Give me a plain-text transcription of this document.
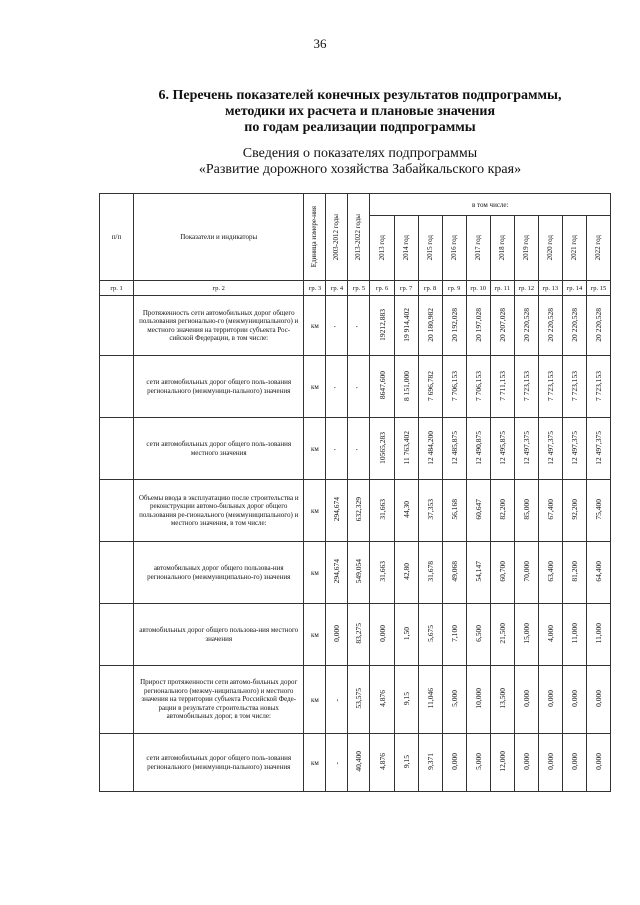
36
6. Перечень показателей конечных результатов подпрограммы,
методики их расчета и плановые значения
по годам реализации подпрограммы
Сведения о показателях подпрограммы
«Развитие дорожного хозяйства Забайкальского края»
п/п	Показатели и индикаторы	Единица измере-ния	2003-2012 годы	2013-2022 годы	в том числе:									

					2013 год	2014 год	2015 год	2016 год	2017 год	2018 год	2019 год	2020 год	2021 год	2022 год

гр. 1	гр. 2	гр. 3	гр. 4	гр. 5	гр. 6	гр. 7	гр. 8	гр. 9	гр. 10	гр. 11	гр. 12	гр. 13	гр. 14	гр. 15
	Протяженность сети автомобильных дорог общего пользования регионально-го (межмуниципального) и местного значения на территории субъекта Рос-сийской Федерации, в том числе:	км	'	'	19212,883	19 914,402	20 180,982	20 192,028	20 197,028	20 207,028	20 220,528	20 220,528	20 220,528	20 220,528
	сети автомобильных дорог общего поль-зования регионального (межмуници-пального) значения	км	'	'	8647,600	8 151,000	7 696,782	7 706,153	7 706,153	7 711,153	7 723,153	7 723,153	7 723,153	7 723,153
	сети автомобильных дорог общего поль-зования местного значения	км	'	'	10565,283	11 763,402	12 484,200	12 485,875	12 490,875	12 495,875	12 497,375	12 497,375	12 497,375	12 497,375
	Объемы ввода в эксплуатацию после строительства и реконструкции автомо-бильных дорог общего пользования ре-гионального (межмуниципального) и местного значения, в том числе:	км	294,674	632,329	31,663	44,30	37,353	56,168	60,647	82,200	85,000	67,400	92,200	75,400
	автомобильных дорог общего пользова-ния регионального (межмуниципально-го) значения	км	294,674	549,054	31,663	42,80	31,678	49,068	54,147	60,700	70,000	63,400	81,200	64,400
	автомобильных дорог общего пользова-ния местного значения	км	0,000	83,275	0,000	1,50	5,675	7,100	6,500	21,500	15,000	4,000	11,000	11,000
	Прирост протяженности сети автомо-бильных дорог регионального (межму-ниципального) и местного значения на территории субъекта Российской Феде-рации в результате строительства новых автомобильных дорог, в том числе:	км	-	53,575	4,876	9,15	11,046	5,000	10,000	13,500	0,000	0,000	0,000	0,000
	сети автомобильных дорог общего поль-зования регионального (межмуници-пального) значения	км	-	40,400	4,876	9,15	9,371	0,000	5,000	12,000	0,000	0,000	0,000	0,000
